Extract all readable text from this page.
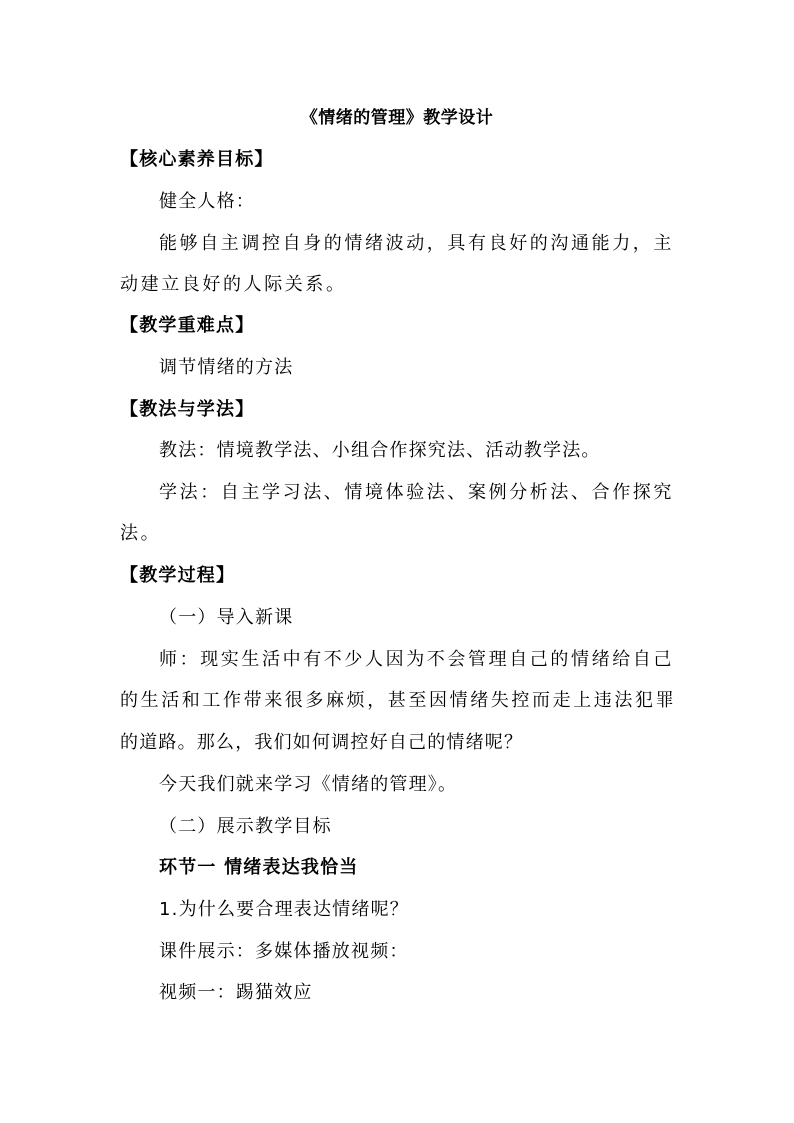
《情绪的管理》教学设计
【核心素养目标】
健全人格：
能够自主调控自身的情绪波动，具有良好的沟通能力，主
动建立良好的人际关系。
【教学重难点】
调节情绪的方法
【教法与学法】
教法：情境教学法、小组合作探究法、活动教学法。
学法：自主学习法、情境体验法、案例分析法、合作探究
法。
【教学过程】
（一）导入新课
师：现实生活中有不少人因为不会管理自己的情绪给自己
的生活和工作带来很多麻烦，甚至因情绪失控而走上违法犯罪
的道路。那么，我们如何调控好自己的情绪呢？
今天我们就来学习《情绪的管理》。
（二）展示教学目标
环节一 情绪表达我恰当
1.为什么要合理表达情绪呢？
课件展示：多媒体播放视频：
视频一：踢猫效应
